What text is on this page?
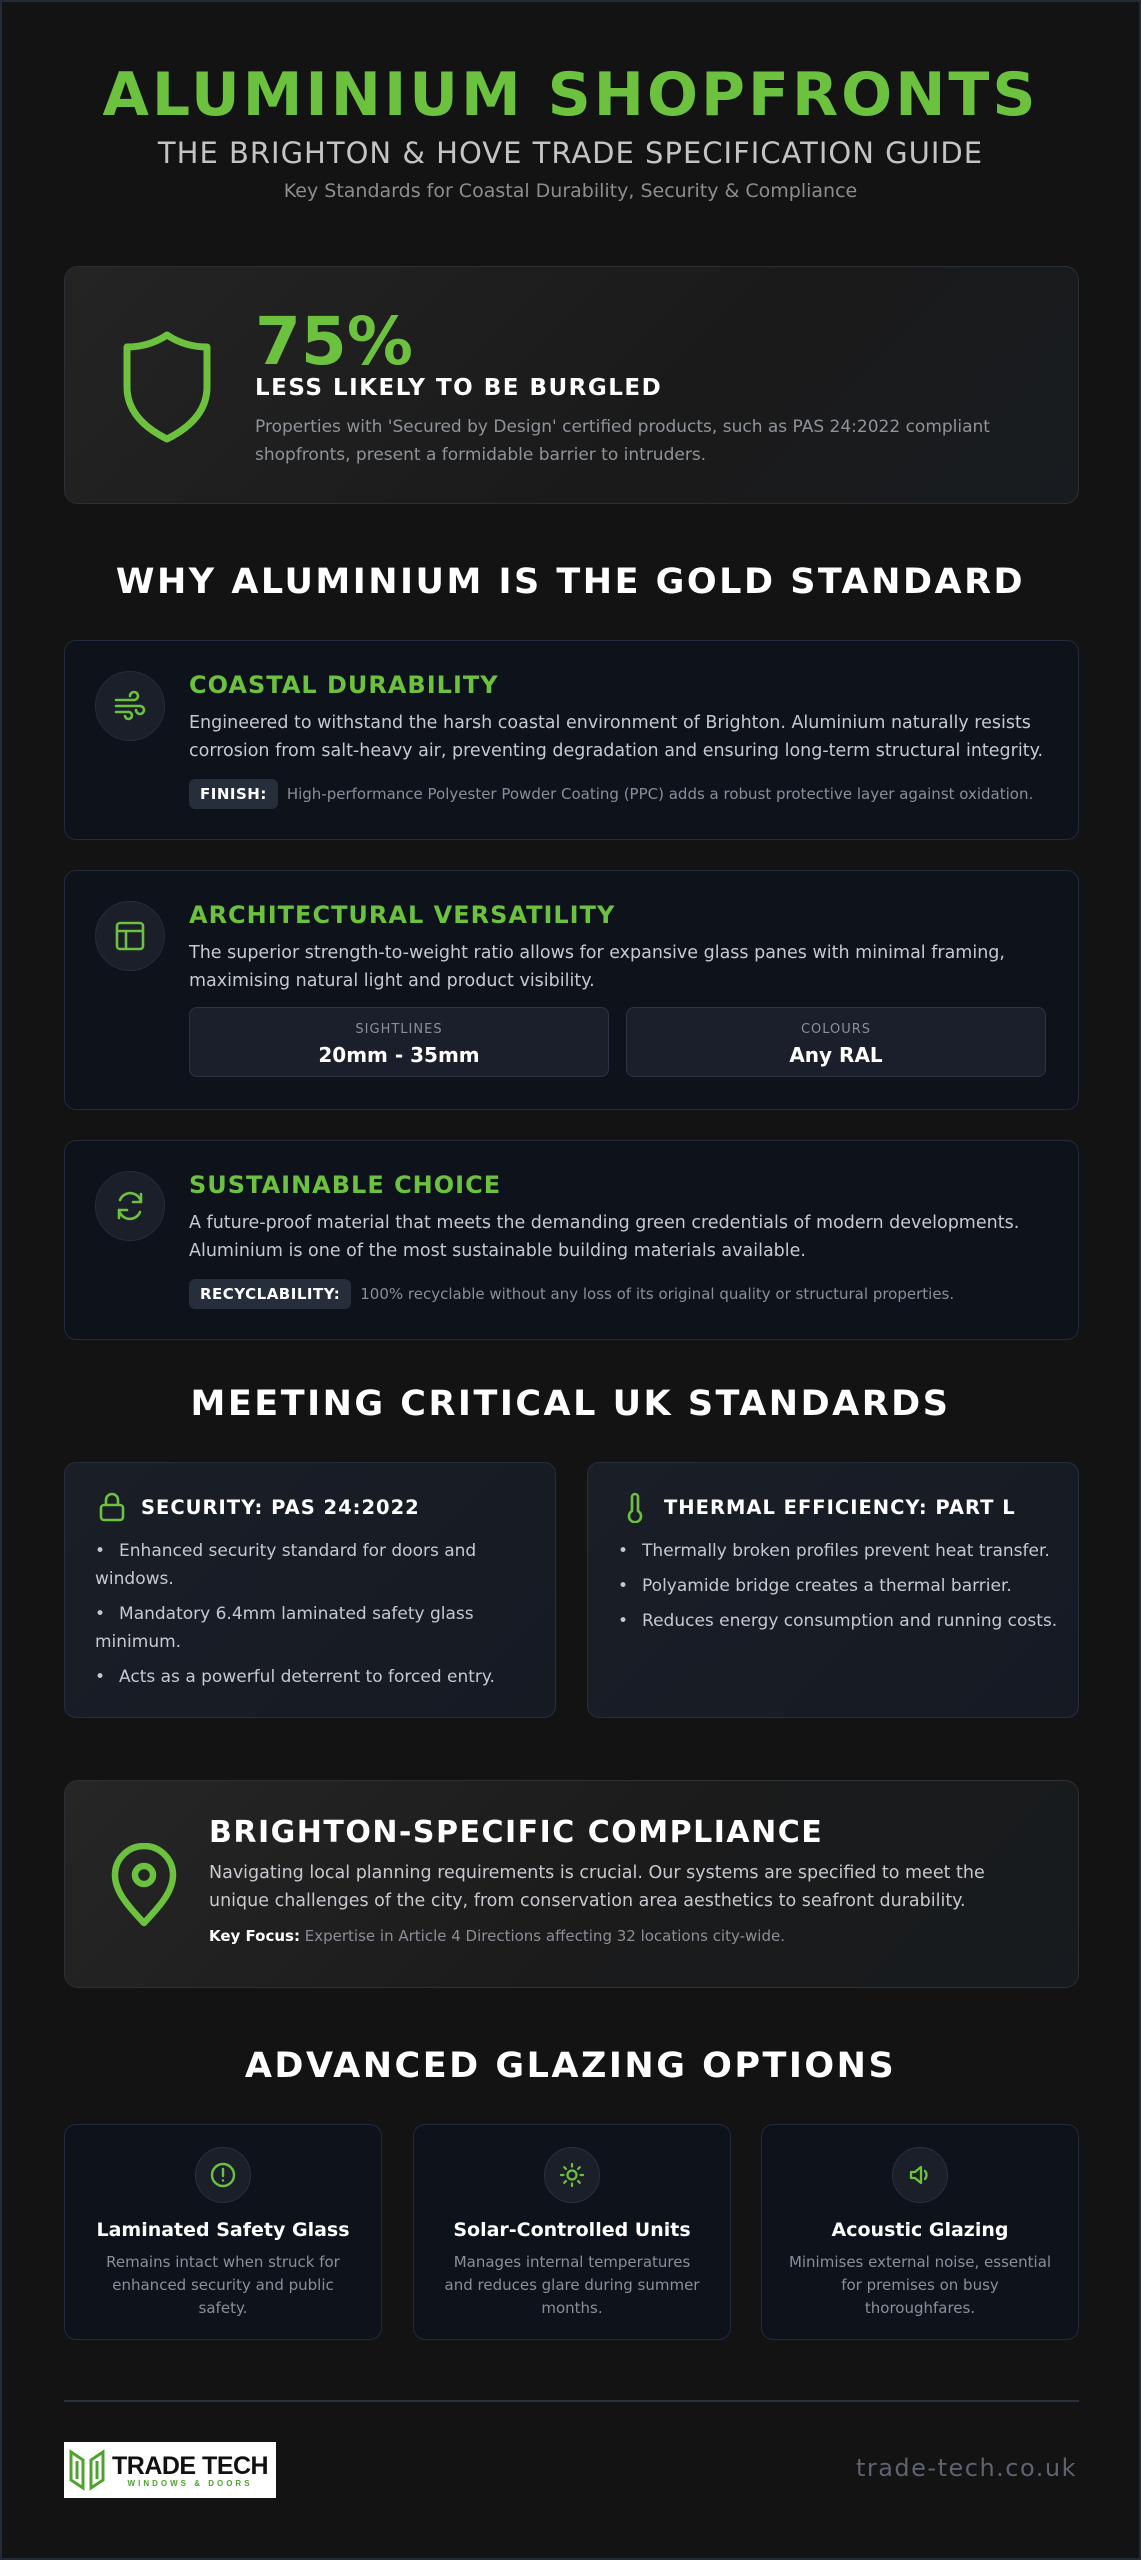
ALUMINIUM SHOPFRONTS
THE BRIGHTON & HOVE TRADE SPECIFICATION GUIDE
Key Standards for Coastal Durability, Security & Compliance
75%
LESS LIKELY TO BE BURGLED
Properties with 'Secured by Design' certified products, such as PAS 24:2022 compliant shopfronts, present a formidable barrier to intruders.
WHY ALUMINIUM IS THE GOLD STANDARD
COASTAL DURABILITY
Engineered to withstand the harsh coastal environment of Brighton. Aluminium naturally resists corrosion from salt-heavy air, preventing degradation and ensuring long-term structural integrity.
FINISH:	High-performance Polyester Powder Coating (PPC) adds a robust protective layer against oxidation.
ARCHITECTURAL VERSATILITY
The superior strength-to-weight ratio allows for expansive glass panes with minimal framing, maximising natural light and product visibility.
SIGHTLINES
20mm - 35mm
COLOURS
Any RAL
SUSTAINABLE CHOICE
A future-proof material that meets the demanding green credentials of modern developments. Aluminium is one of the most sustainable building materials available.
RECYCLABILITY:	100% recyclable without any loss of its original quality or structural properties.
MEETING CRITICAL UK STANDARDS
SECURITY: PAS 24:2022
• Enhanced security standard for doors and windows.
• Mandatory 6.4mm laminated safety glass minimum.
• Acts as a powerful deterrent to forced entry.
THERMAL EFFICIENCY: PART L
• Thermally broken profiles prevent heat transfer.
• Polyamide bridge creates a thermal barrier.
• Reduces energy consumption and running costs.
BRIGHTON-SPECIFIC COMPLIANCE
Navigating local planning requirements is crucial. Our systems are specified to meet the unique challenges of the city, from conservation area aesthetics to seafront durability.
Key Focus: Expertise in Article 4 Directions affecting 32 locations city-wide.
ADVANCED GLAZING OPTIONS
Laminated Safety Glass
Remains intact when struck for enhanced security and public safety.
Solar-Controlled Units
Manages internal temperatures and reduces glare during summer months.
Acoustic Glazing
Minimises external noise, essential for premises on busy thoroughfares.
TRADE TECH
WINDOWS & DOORS
trade-tech.co.uk
